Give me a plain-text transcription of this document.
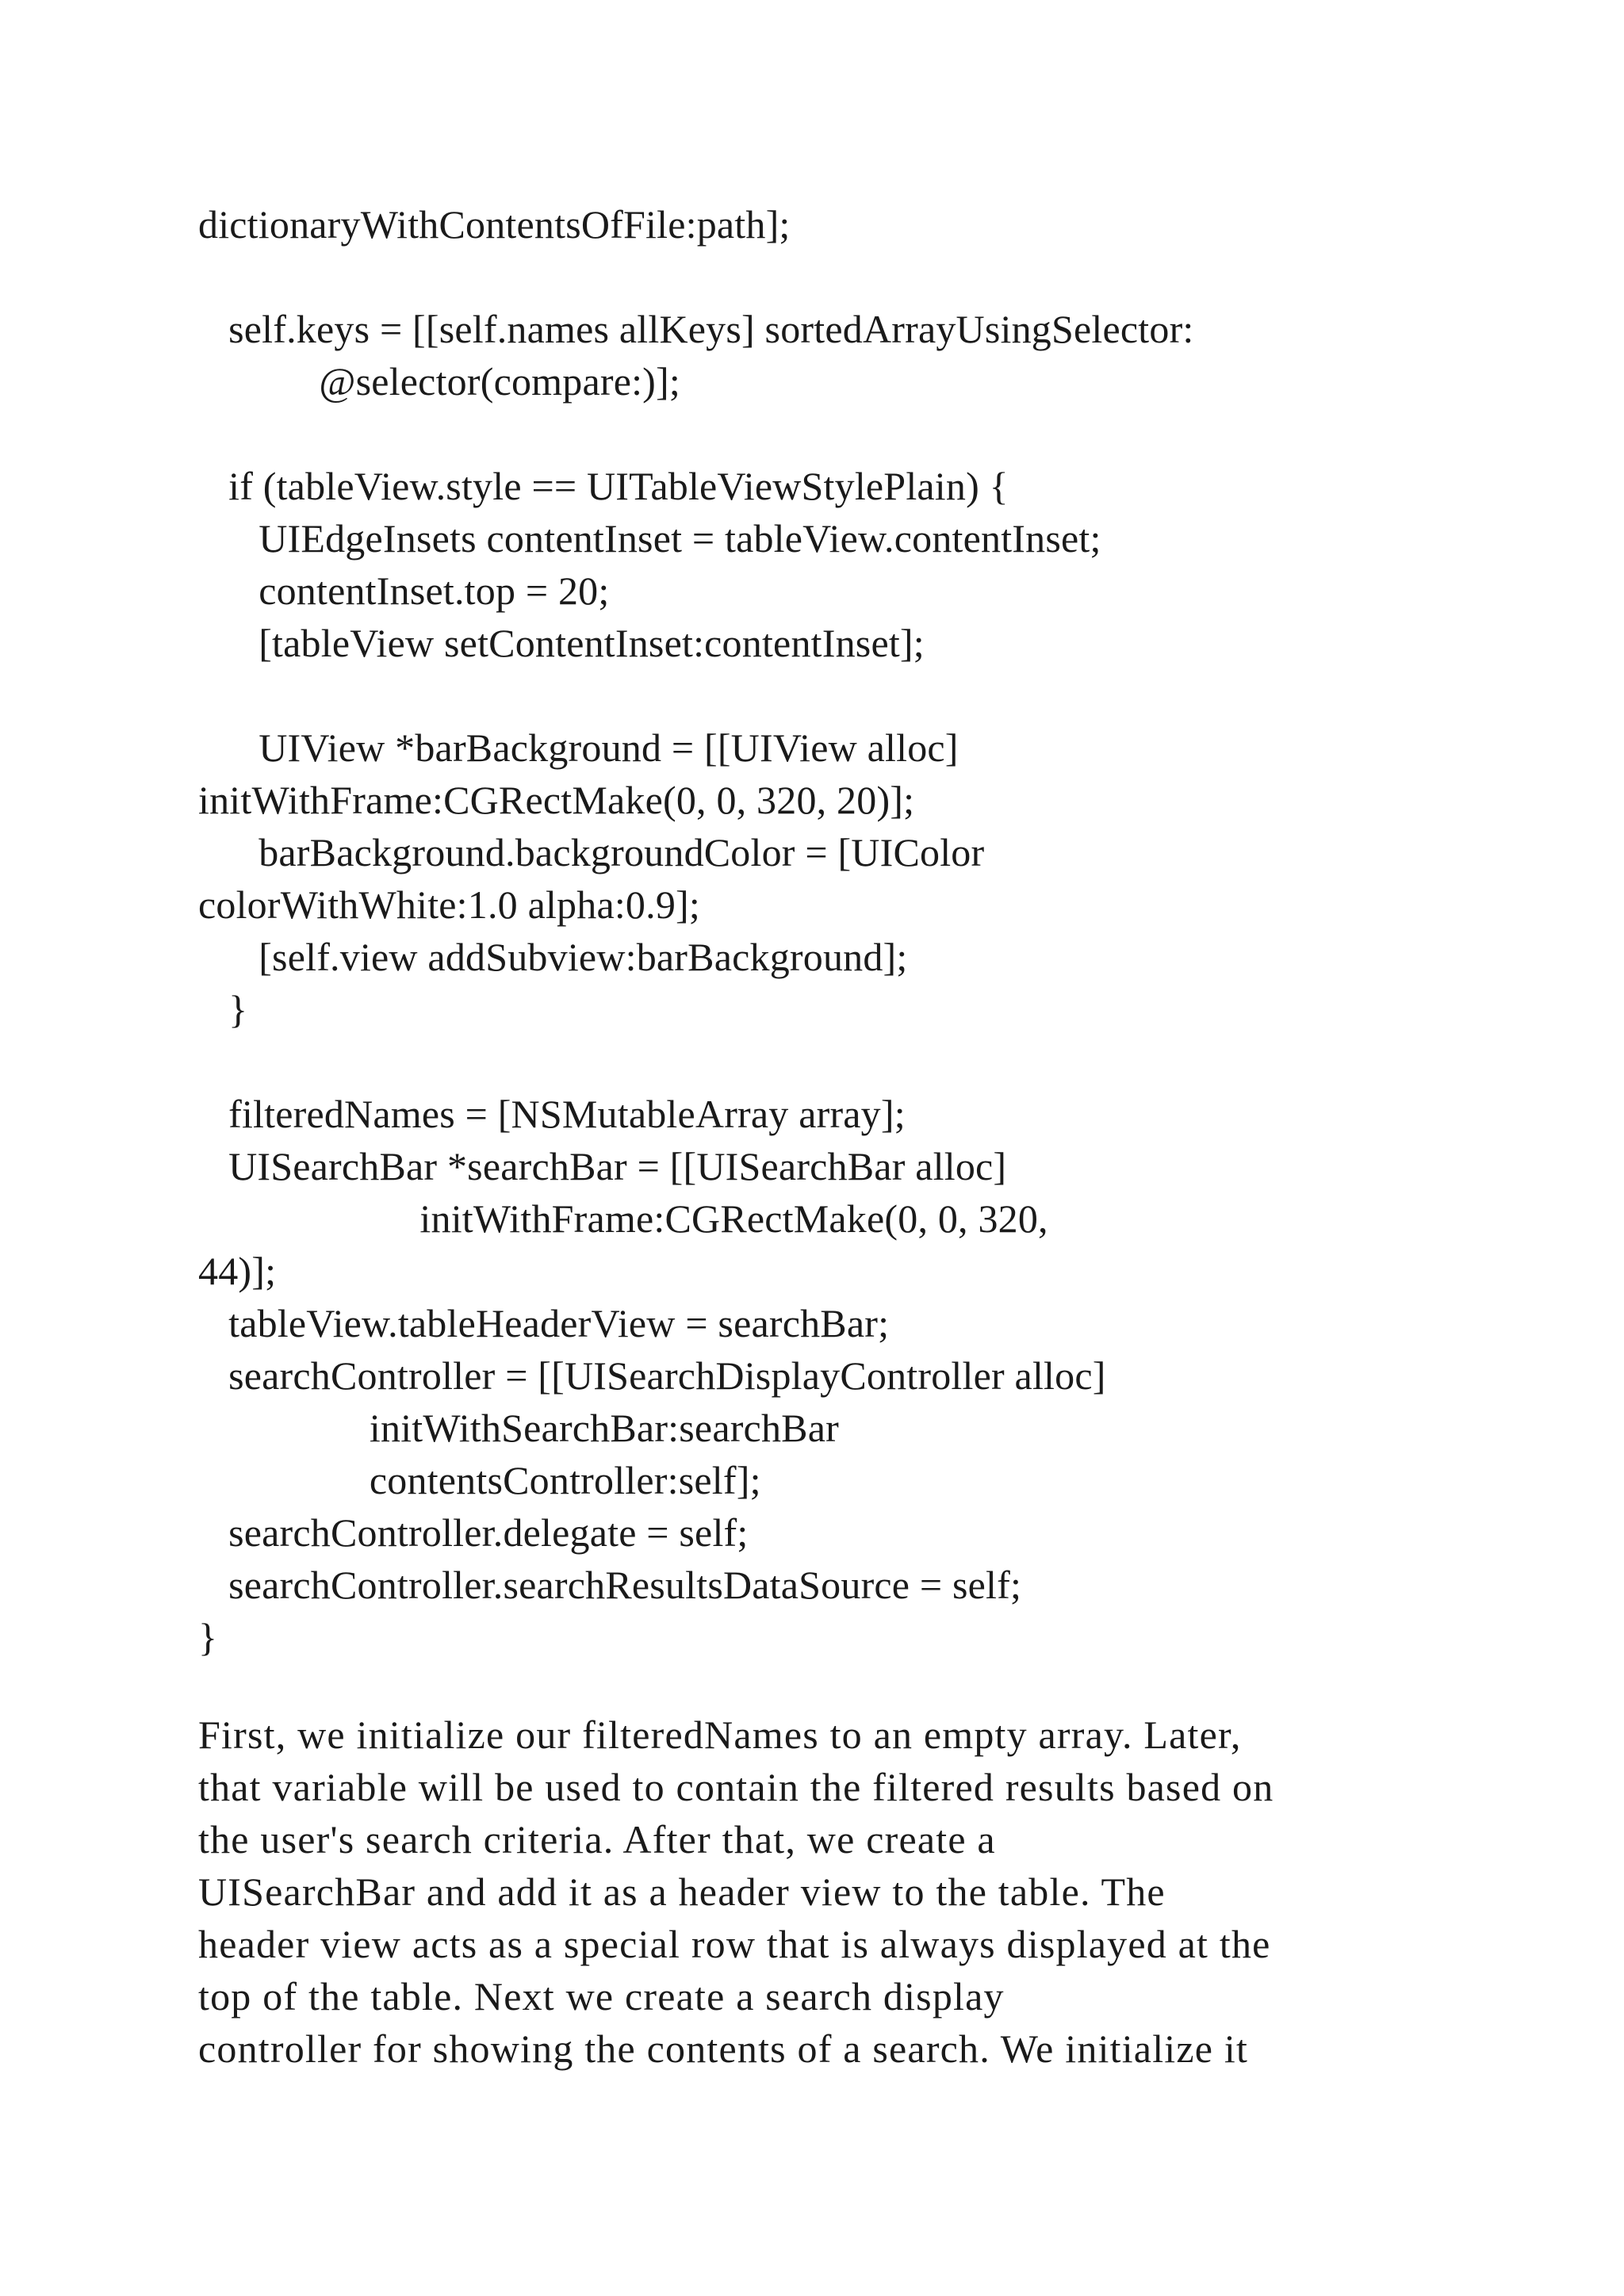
dictionaryWithContentsOfFile:path];
self.keys = [[self.names allKeys] sortedArrayUsingSelector:
@selector(compare:)];
if (tableView.style == UITableViewStylePlain) {
UIEdgeInsets contentInset = tableView.contentInset;
contentInset.top = 20;
[tableView setContentInset:contentInset];
UIView *barBackground = [[UIView alloc]
initWithFrame:CGRectMake(0, 0, 320, 20)];
barBackground.backgroundColor = [UIColor
colorWithWhite:1.0 alpha:0.9];
[self.view addSubview:barBackground];
}
filteredNames = [NSMutableArray array];
UISearchBar *searchBar = [[UISearchBar alloc]
initWithFrame:CGRectMake(0, 0, 320,
44)];
tableView.tableHeaderView = searchBar;
searchController = [[UISearchDisplayController alloc]
initWithSearchBar:searchBar
contentsController:self];
searchController.delegate = self;
searchController.searchResultsDataSource = self;
}
First, we initialize our filteredNames to an empty array. Later,
that variable will be used to contain the filtered results based on
the user's search criteria. After that, we create a
UISearchBar and add it as a header view to the table. The
header view acts as a special row that is always displayed at the
top of the table. Next we create a search display
controller for showing the contents of a search. We initialize it
